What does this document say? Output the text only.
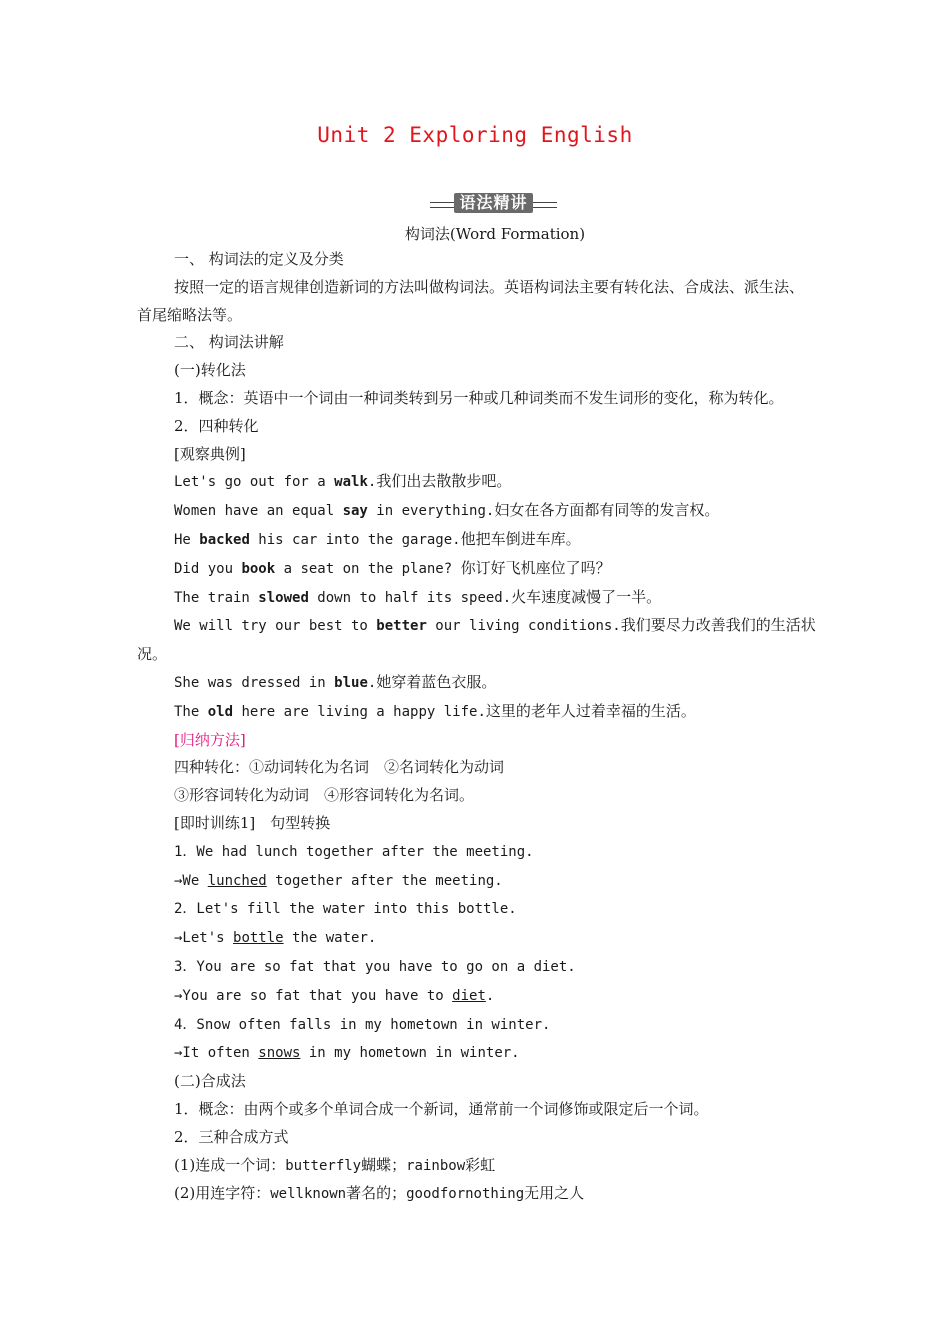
Unit 2 Exploring English
语法精讲
构词法(Word Formation)

一、 构词法的定义及分类

按照一定的语言规律创造新词的方法叫做构词法。英语构词法主要有转化法、合成法、派生法、首尾缩略法等。

二、 构词法讲解

(一)转化法

1．概念：英语中一个词由一种词类转到另一种或几种词类而不发生词形的变化，称为转化。

2．四种转化

[观察典例]

Let's go out for a walk.我们出去散散步吧。

Women have an equal say in everything.妇女在各方面都有同等的发言权。

He backed his car into the garage.他把车倒进车库。

Did you book a seat on the plane? 你订好飞机座位了吗？

The train slowed down to half its speed.火车速度减慢了一半。

We will try our best to better our living conditions.我们要尽力改善我们的生活状况。

She was dressed in blue.她穿着蓝色衣服。

The old here are living a happy life.这里的老年人过着幸福的生活。

[归纳方法]

四种转化：①动词转化为名词　②名词转化为动词

③形容词转化为动词　④形容词转化为名词。

[即时训练1]　句型转换

1．We had lunch together after the meeting.

→We lunched together after the meeting.

2．Let's fill the water into this bottle.

→Let's bottle the water.

3．You are so fat that you have to go on a diet.

→You are so fat that you have to diet.

4．Snow often falls in my hometown in winter.

→It often snows in my hometown in winter.

(二)合成法

1．概念：由两个或多个单词合成一个新词，通常前一个词修饰或限定后一个词。

2．三种合成方式

(1)连成一个词：butterfly蝴蝶；rainbow彩虹

(2)用连字符：wellknown著名的；goodfornothing无用之人
